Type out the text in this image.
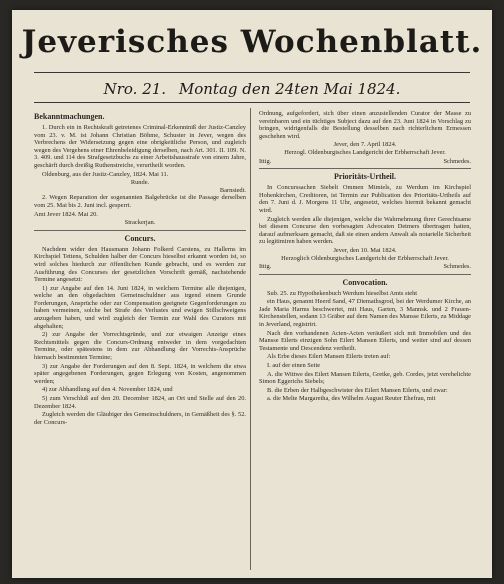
Jeverisches Wochenblatt.
Nro. 21. Montag den 24ten Mai 1824.
Bekanntmachungen.
1. Durch ein in Rechtskraft getretenes Criminal-Erkenntniß der Justiz-Canzley vom 23. v. M. ist Johann Christian Böhme, Schuster in Jever, wegen des Verbrechens der Widersetzung gegen eine obrigkeitliche Person, und zugleich wegen des Vergehens einer Ehrenbeleidigung derselben, nach Art. 301. II. 109. N. 3. 409. und 114 des Strafgesetzbuchs zu einer Arbeitshausstrafe von einem Jahre, geschärft durch dreißig Ruthenstreiche, verurtheilt worden.
Oldenburg, aus der Justiz-Canzley, 1824. Mai 11.
Runde.
Barnstedt.
2. Wegen Reparation der sogenannten Balgebrücke ist die Passage derselben vom 25. Mai bis 2. Juni incl. gesperrt.
Amt Jever 1824. Mai 20.
Strackerjan.
Concurs.
Nachdem wider den Hausmann Johann Folkerd Carstens, zu Hallerns im Kirchspiel Tettens, Schulden halber der Concurs hieselbst erkannt worden ist, so wird solches hiedurch zur öffentlichen Kunde gebracht, und es werden zur Ausführung des Concurses der gesetzlichen Vorschrift gemäß, nachstehende Termine angesetzt:
1) zur Angabe auf den 14. Juni 1824, in welchem Termine alle diejenigen, welche an den obgedachten Gemeinschuldner aus irgend einem Grunde Forderungen, Ansprüche oder zur Compensation geeignete Gegenforderungen zu haben vermeinen, solche bei Strafe des Verlustes und ewigen Stillschweigens anzugeben haben, und wird zugleich der Termin zur Wahl des Curators mit abgehalten;
2) zur Angabe der Vorrechtsgründe, und zur etwaigen Anzeige eines Rechtsmittels gegen die Concurs-Ordnung entweder in dem vorgedachten Termine, oder spätestens in dem zur Abhandlung der Vorrechts-Ansprüche hiernach bestimmten Termine;
3) zur Angabe der Forderungen auf den 8. Sept. 1824, in welchem die etwa später angegebenen Forderungen, gegen Erlegung von Kosten, angenommen werden;
4) zur Abhandlung auf den 4. November 1824, und
5) zum Verschluß auf den 20. December 1824, an Ort und Stelle auf den 20. Dezember 1824.
Zugleich werden die Gläubiger des Gemeinschuldners, in Gemäßheit des §. 52. der Concurs-
Ordnung, aufgefordert, sich über einen anzustellenden Curator der Masse zu vereinbaren und ein tüchtiges Subject dazu auf den 23. Juni 1824 in Vorschlag zu bringen, widrigenfalls die Bestellung desselben nach richterlichem Ermessen geschehen wird.
Jever, den 7. April 1824.
Herzogl. Oldenburgisches Landgericht der Erbherrschaft Jever.
Ittig.	Schmedes.
Prioritäts-Urtheil.
In Concurssachen Siebelt Ommen Mimiels, zu Werdum im Kirchspiel Hohenkirchen, Creditoren, ist Termin zur Publication des Prioritäts-Urtheils auf den 7. Juni d. J. Morgens 11 Uhr, angesetzt, welches hiermit bekannt gemacht wird.
Zugleich werden alle diejenigen, welche die Wahrnehmung ihrer Gerechtsame bei diesem Concurse den vorbesagten Advocaten Detmers übertragen hatten, darauf aufmerksam gemacht, daß sie einen andern Anwalt als notarielle Sicherheit zu legitimiren haben werden.
Jever, den 10. Mai 1824.
Herzoglich Oldenburgisches Landgericht der Erbherrschaft Jever.
Ittig.	Schmedes.
Convocation.
Sub. 25. zu Hypothekenbuch Werdum hieselbst Amts steht
ein Haus, genannt Heerd Sand, 47 Diemathsgrod, bei der Werdumer Kirche, an Jade Maria Harms beschwertet, mit Haus, Garten, 3 Mannsk. und 2 Frauen-Kirchenstellen, sodann 13 Gräber auf dem Namen des Mansse Eilerts, zu Middage in Jeverland, registrirt.
Nach den vorhandenen Acten-Acten veräußert sich mit Immobilen und des Mansse Eilerts einzigen Sohn Eilert Mansen Eilerts, und weiter sind auf dessen Testamente und Descendenz vertheilt.
Als Erbe dieses Eilert Mansen Eilerts treten auf:
I. auf der einen Seite
A. die Wittwe des Eilert Mansen Eilerts, Gretke, geb. Cordes, jetzt verehelichte Simon Eggerichs Siebels;
B. die Erben der Halbgeschwister des Eilert Mansen Eilerts, und zwar:
a. die Melte Margaretha, des Wilhelm August Reuter Ehefrau, mit
